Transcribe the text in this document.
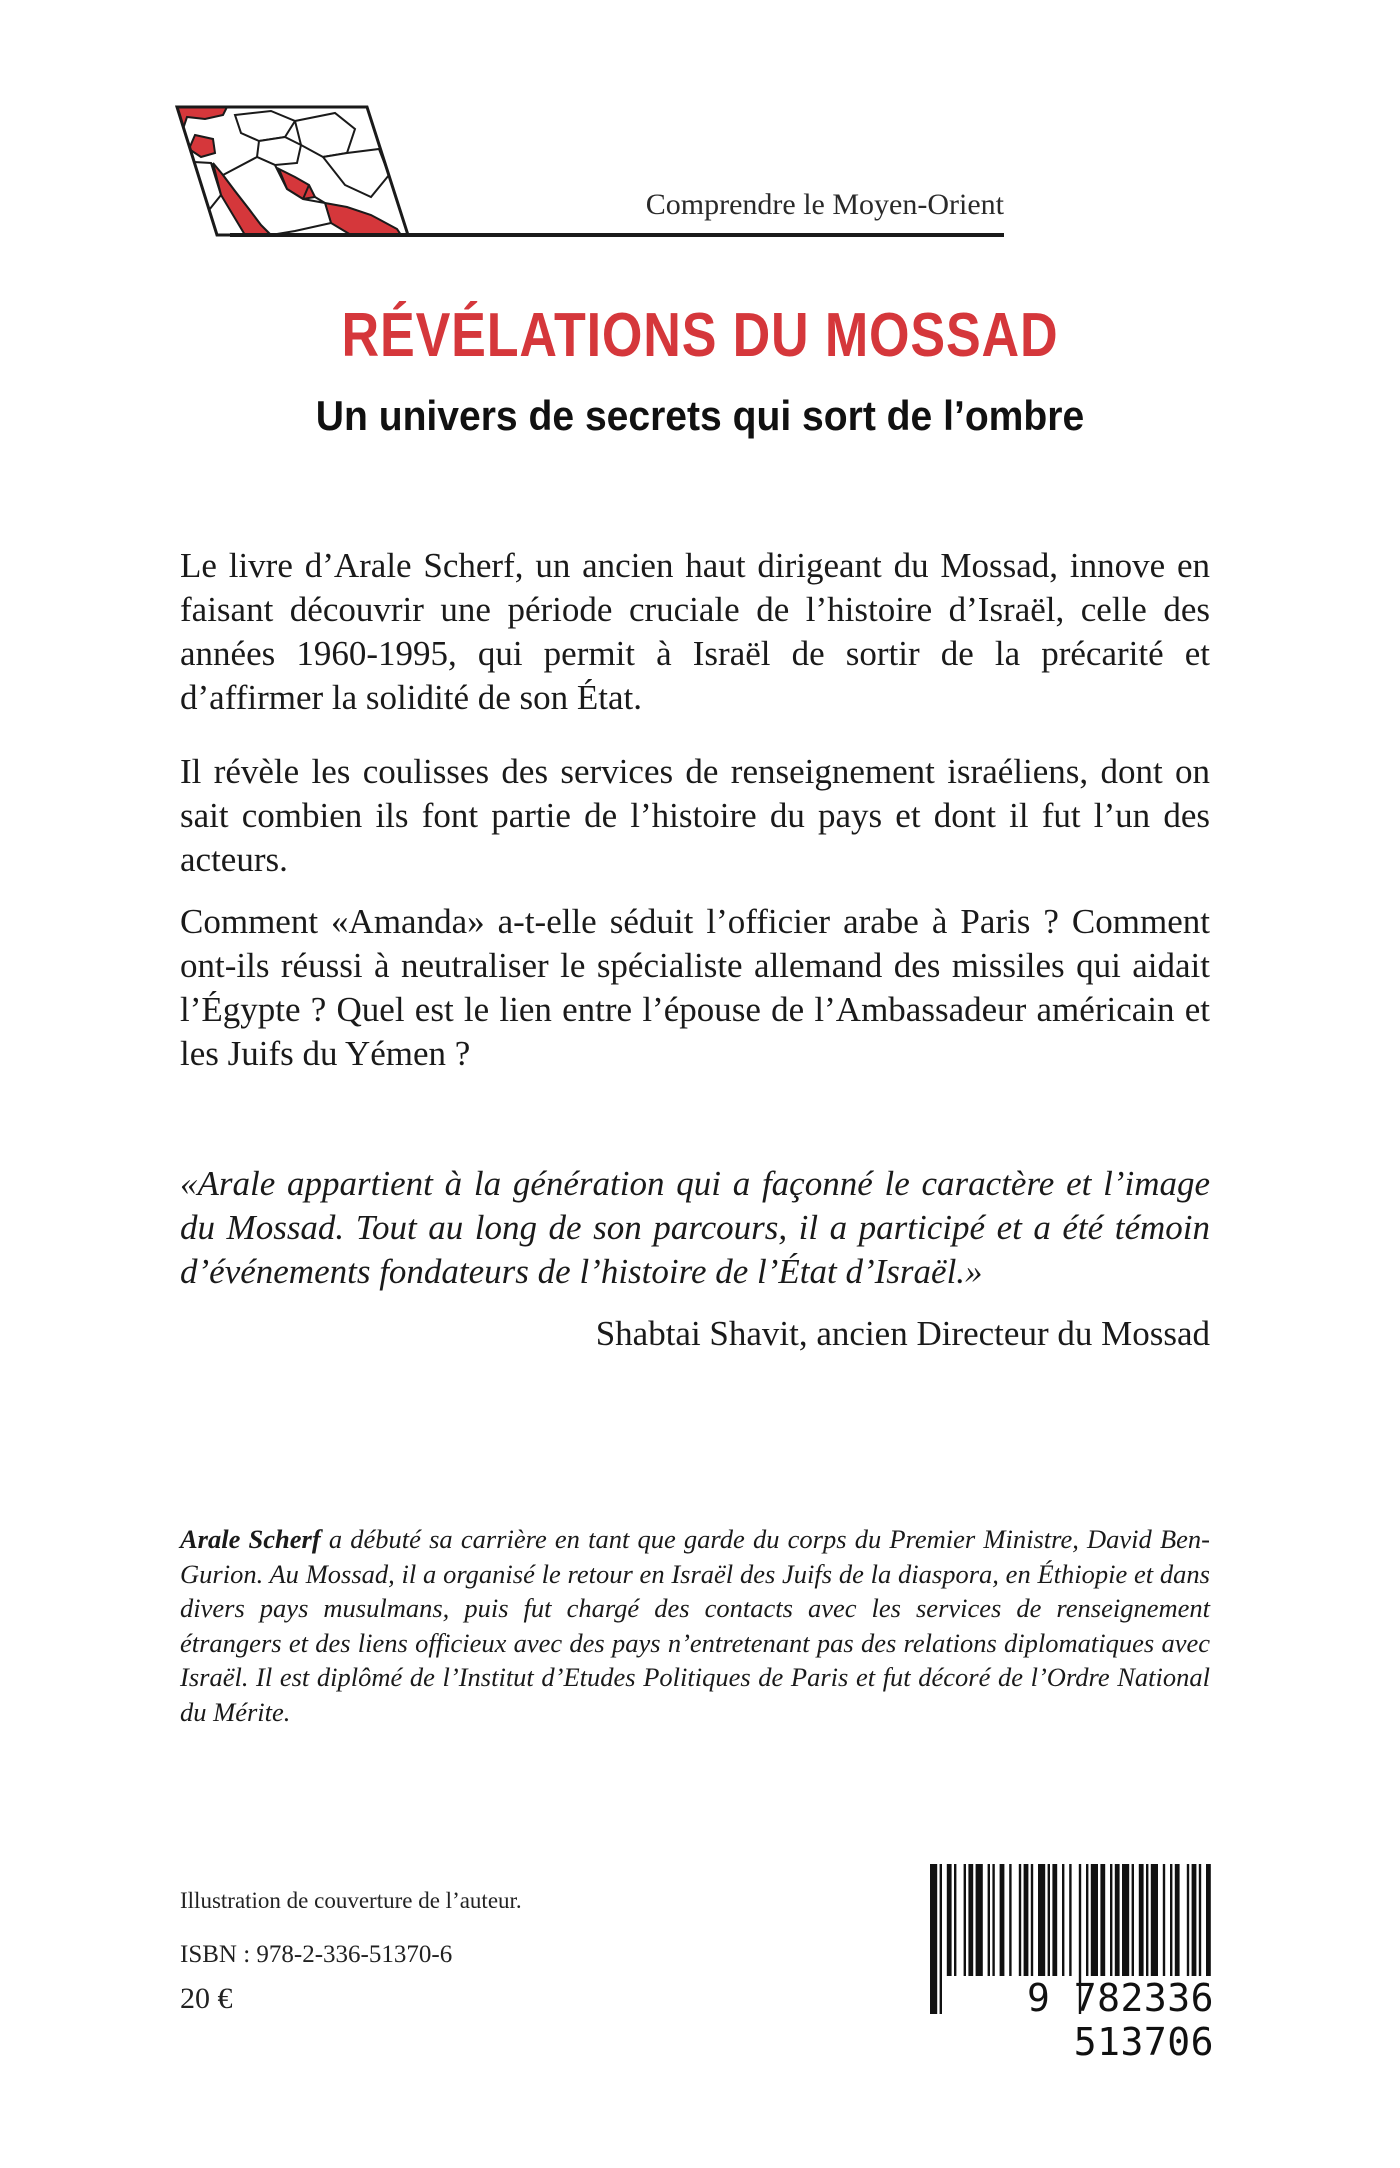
Comprendre le Moyen-Orient
RÉVÉLATIONS DU MOSSAD
Un univers de secrets qui sort de l’ombre
Le livre d’Arale Scherf, un ancien haut dirigeant du Mossad, innove en faisant découvrir une période cruciale de l’histoire d’Israël, celle des années 1960-1995, qui permit à Israël de sortir de la précarité et d’affirmer la solidité de son État.
Il révèle les coulisses des services de renseignement israéliens, dont on sait combien ils font partie de l’histoire du pays et dont il fut l’un des acteurs.
Comment «Amanda» a-t-elle séduit l’officier arabe à Paris ? Comment ont-ils réussi à neutraliser le spécialiste allemand des missiles qui aidait l’Égypte ? Quel est le lien entre l’épouse de l’Ambassadeur américain et les Juifs du Yémen ?
«Arale appartient à la génération qui a façonné le caractère et l’image du Mossad. Tout au long de son parcours, il a participé et a été témoin d’événements fondateurs de l’histoire de l’État d’Israël.»
Shabtai Shavit, ancien Directeur du Mossad
Arale Scherf a débuté sa carrière en tant que garde du corps du Premier Ministre, David Ben-Gurion. Au Mossad, il a organisé le retour en Israël des Juifs de la diaspora, en Éthiopie et dans divers pays musulmans, puis fut chargé des contacts avec les services de renseignement étrangers et des liens officieux avec des pays n’entretenant pas des relations diplomatiques avec Israël. Il est diplômé de l’Institut d’Etudes Politiques de Paris et fut décoré de l’Ordre National du Mérite.
Illustration de couverture de l’auteur.
ISBN : 978-2-336-51370-6
20 €	9 782336 513706
